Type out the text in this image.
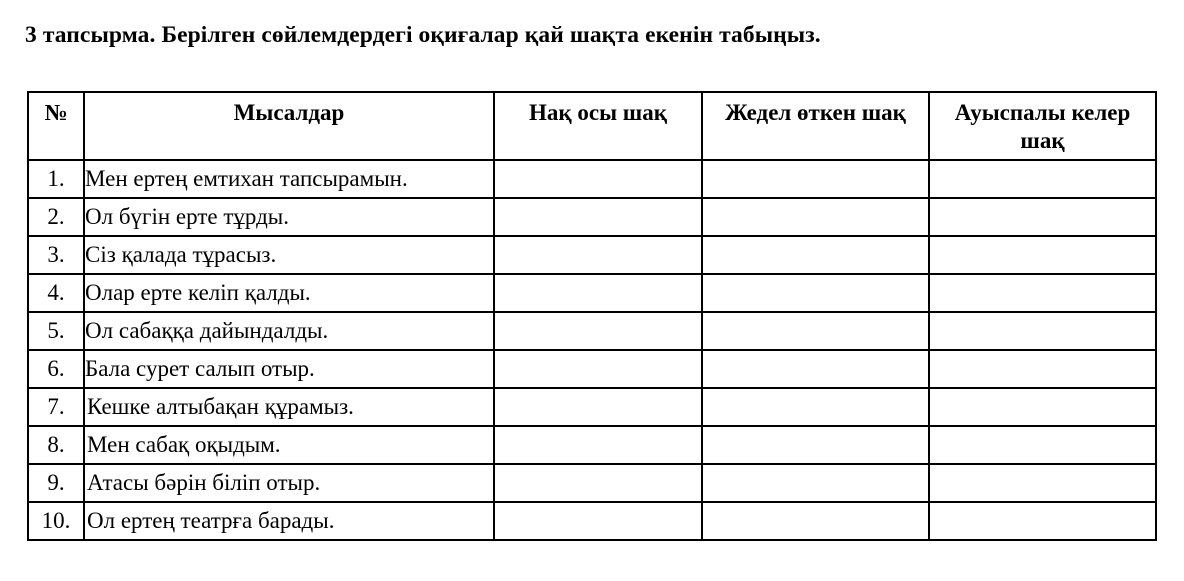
3 тапсырма. Берілген сөйлемдердегі оқиғалар қай шақта екенін табыңыз.
№	Мысалдар	Нақ осы шақ	Жедел өткен шақ	Ауыспалы келер шақ
1.	Мен ертең емтихан тапсырамын.			
2.	Ол бүгін ерте тұрды.			
3.	Сіз қалада тұрасыз.			
4.	Олар ерте келіп қалды.			
5.	Ол сабаққа дайындалды.			
6.	Бала сурет салып отыр.			
7.	Кешке алтыбақан құрамыз.			
8.	Мен сабақ оқыдым.			
9.	Атасы бәрін біліп отыр.			
10.	Ол ертең театрға барады.			
